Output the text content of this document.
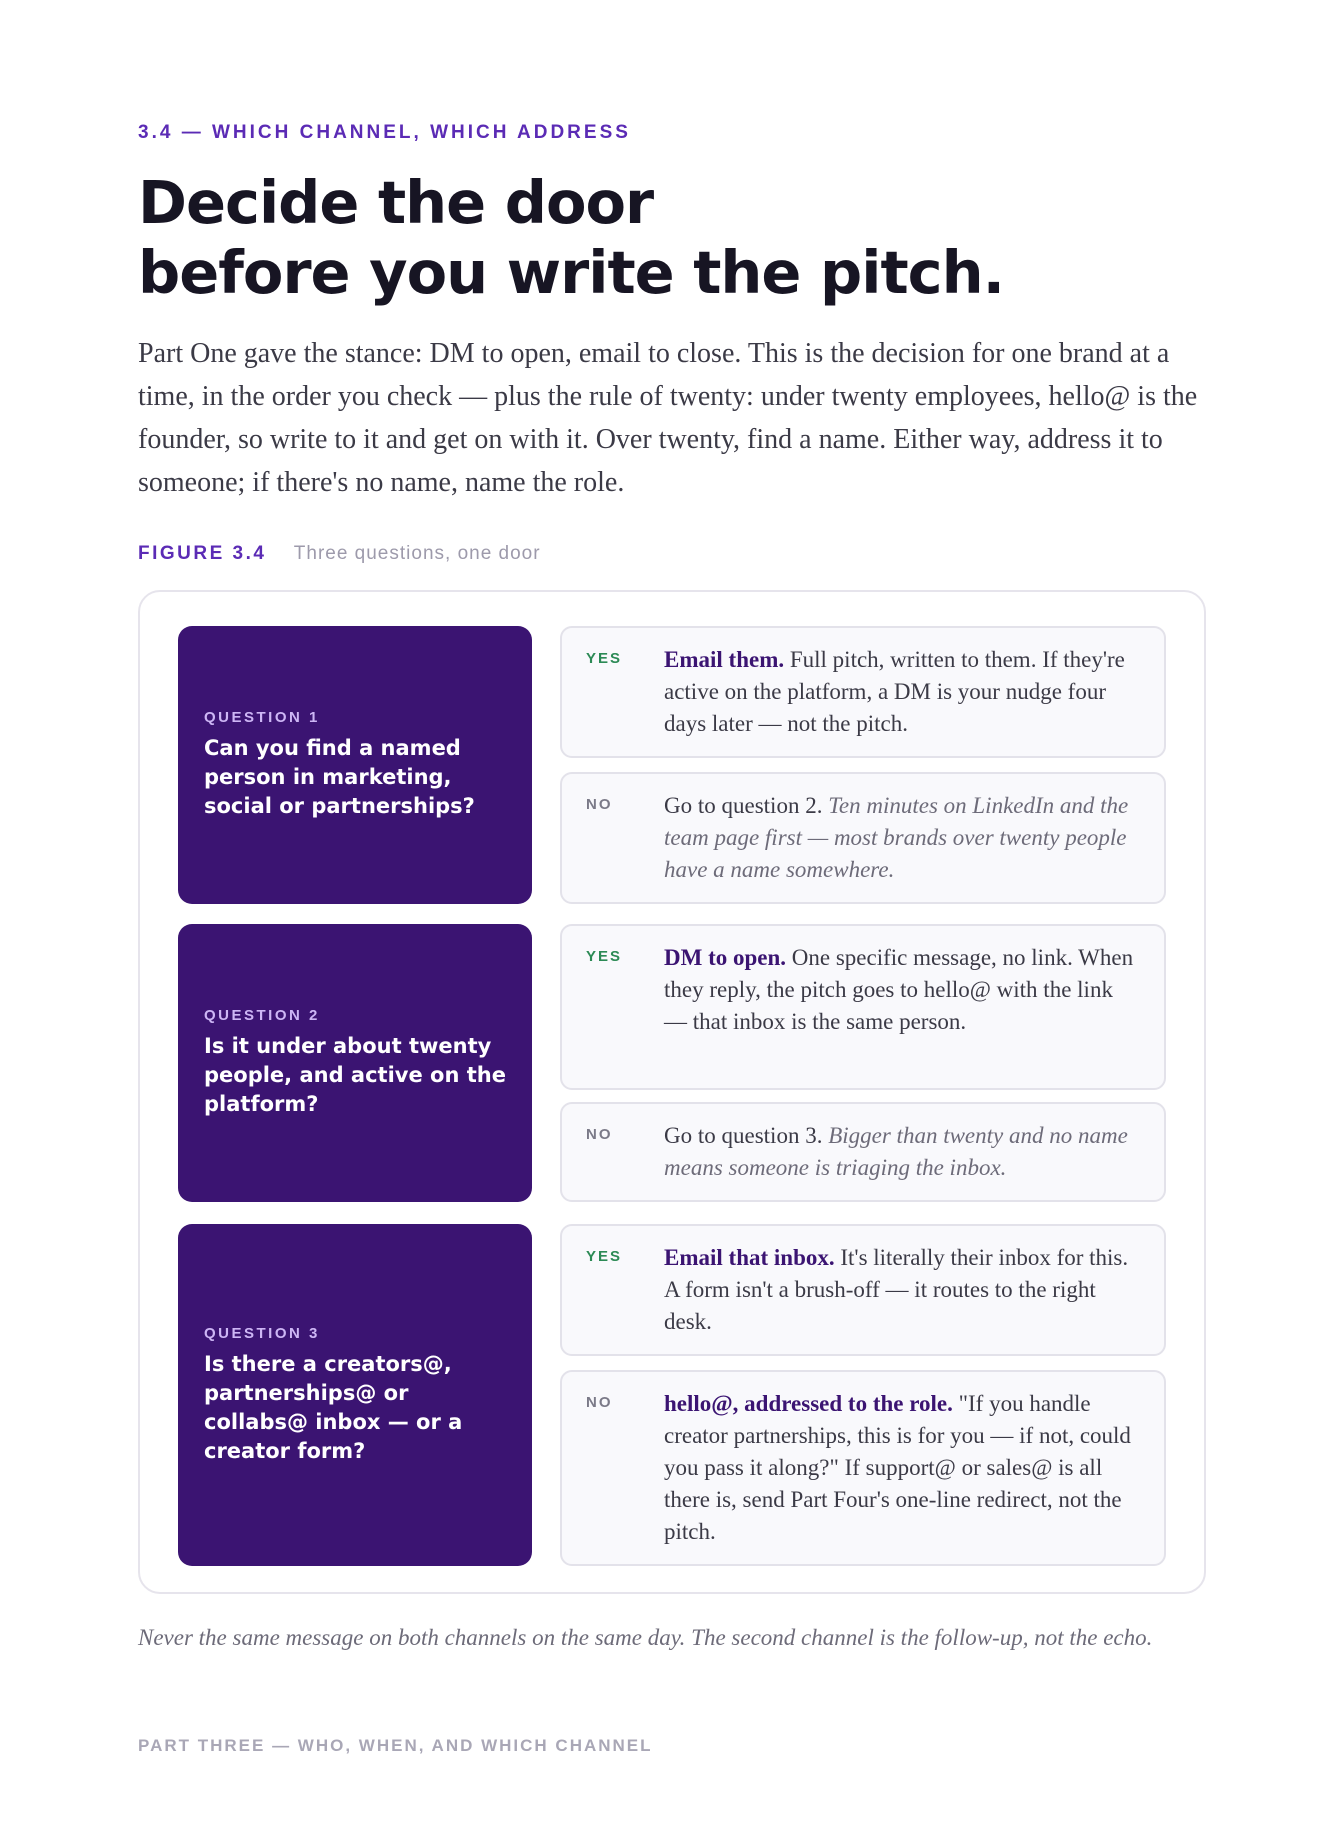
3.4 — WHICH CHANNEL, WHICH ADDRESS
Decide the door
before you write the pitch.
Part One gave the stance: DM to open, email to close. This is the decision for one brand at a time, in the order you check — plus the rule of twenty: under twenty employees, hello@ is the founder, so write to it and get on with it. Over twenty, find a name. Either way, address it to someone; if there's no name, name the role.
FIGURE 3.4 Three questions, one door
QUESTION 1
Can you find a named person in marketing, social or partnerships?
YES Email them. Full pitch, written to them. If they're active on the platform, a DM is your nudge four days later — not the pitch.
NO Go to question 2. Ten minutes on LinkedIn and the team page first — most brands over twenty people have a name somewhere.
QUESTION 2
Is it under about twenty people, and active on the platform?
YES DM to open. One specific message, no link. When they reply, the pitch goes to hello@ with the link — that inbox is the same person.
NO Go to question 3. Bigger than twenty and no name means someone is triaging the inbox.
QUESTION 3
Is there a creators@, partnerships@ or collabs@ inbox — or a creator form?
YES Email that inbox. It's literally their inbox for this. A form isn't a brush-off — it routes to the right desk.
NO hello@, addressed to the role. "If you handle creator partnerships, this is for you — if not, could you pass it along?" If support@ or sales@ is all there is, send Part Four's one-line redirect, not the pitch.
Never the same message on both channels on the same day. The second channel is the follow-up, not the echo.
PART THREE — WHO, WHEN, AND WHICH CHANNEL
